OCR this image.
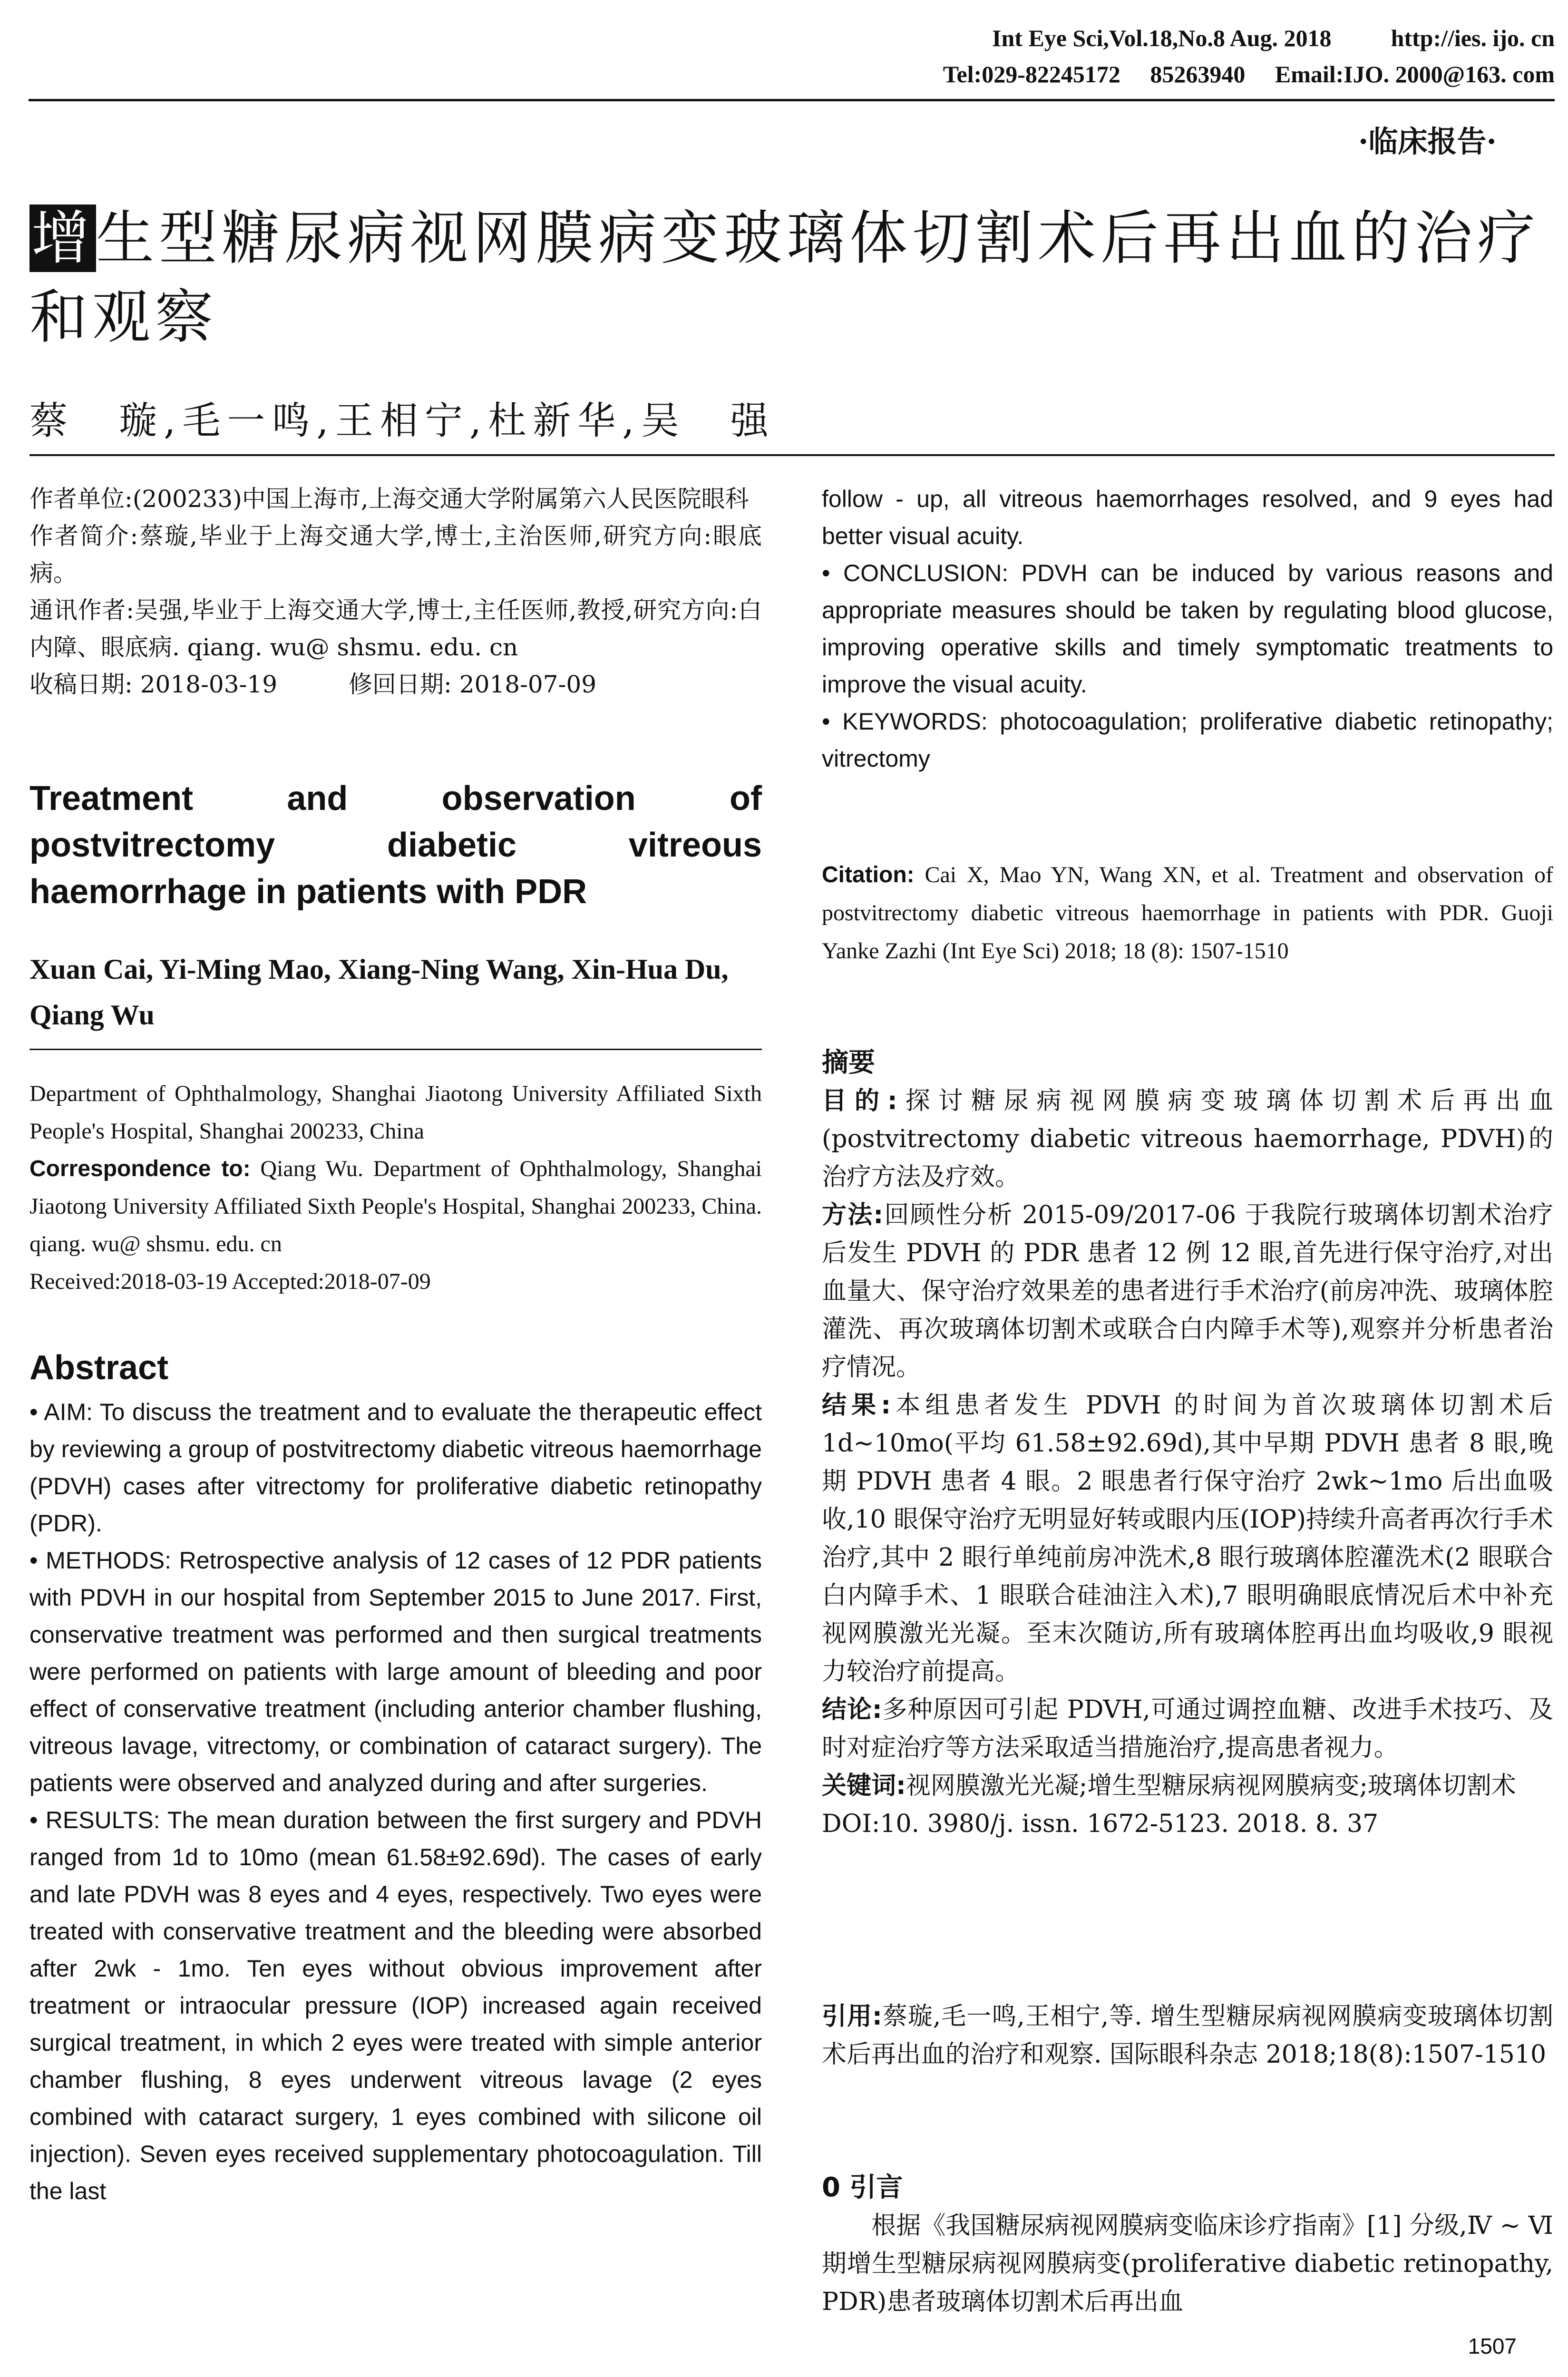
Int Eye Sci,Vol.18,No.8 Aug. 2018	http://ies. ijo. cn
Tel:029-82245172 85263940 Email:IJO. 2000@163. com
·临床报告·
增生型糖尿病视网膜病变玻璃体切割术后再出血的治疗和观察
蔡　璇,毛一鸣,王相宁,杜新华,吴　强

作者单位:(200233)中国上海市,上海交通大学附属第六人民医院眼科

作者简介:蔡璇,毕业于上海交通大学,博士,主治医师,研究方向:眼底病。

通讯作者:吴强,毕业于上海交通大学,博士,主任医师,教授,研究方向:白内障、眼底病. qiang. wu@ shsmu. edu. cn

收稿日期: 2018-03-19　　　	修回日期: 2018-07-09

Treatment and observation of postvitrectomy diabetic vitreous haemorrhage in patients with PDR
Xuan Cai, Yi-Ming Mao, Xiang-Ning Wang, Xin-Hua Du, Qiang Wu
Department of Ophthalmology, Shanghai Jiaotong University Affiliated Sixth People's Hospital, Shanghai 200233, China
Correspondence to: Qiang Wu. Department of Ophthalmology, Shanghai Jiaotong University Affiliated Sixth People's Hospital, Shanghai 200233, China. qiang. wu@ shsmu. edu. cn
Received:2018-03-19 Accepted:2018-07-09
Abstract

• AIM: To discuss the treatment and to evaluate the therapeutic effect by reviewing a group of postvitrectomy diabetic vitreous haemorrhage (PDVH) cases after vitrectomy for proliferative diabetic retinopathy (PDR).

• METHODS: Retrospective analysis of 12 cases of 12 PDR patients with PDVH in our hospital from September 2015 to June 2017. First, conservative treatment was performed and then surgical treatments were performed on patients with large amount of bleeding and poor effect of conservative treatment (including anterior chamber flushing, vitreous lavage, vitrectomy, or combination of cataract surgery). The patients were observed and analyzed during and after surgeries.

• RESULTS: The mean duration between the first surgery and PDVH ranged from 1d to 10mo (mean 61.58±92.69d). The cases of early and late PDVH was 8 eyes and 4 eyes, respectively. Two eyes were treated with conservative treatment and the bleeding were absorbed after 2wk - 1mo. Ten eyes without obvious improvement after treatment or intraocular pressure (IOP) increased again received surgical treatment, in which 2 eyes were treated with simple anterior chamber flushing, 8 eyes underwent vitreous lavage (2 eyes combined with cataract surgery, 1 eyes combined with silicone oil injection). Seven eyes received supplementary photocoagulation. Till the last

follow - up, all vitreous haemorrhages resolved, and 9 eyes had better visual acuity.

• CONCLUSION: PDVH can be induced by various reasons and appropriate measures should be taken by regulating blood glucose, improving operative skills and timely symptomatic treatments to improve the visual acuity.

• KEYWORDS: photocoagulation; proliferative diabetic retinopathy; vitrectomy

Citation: Cai X, Mao YN, Wang XN, et al. Treatment and observation of postvitrectomy diabetic vitreous haemorrhage in patients with PDR. Guoji Yanke Zazhi (Int Eye Sci) 2018; 18 (8): 1507-1510

摘要

目的:探讨糖尿病视网膜病变玻璃体切割术后再出血(postvitrectomy diabetic vitreous haemorrhage, PDVH)的治疗方法及疗效。

方法:回顾性分析 2015-09/2017-06 于我院行玻璃体切割术治疗后发生 PDVH 的 PDR 患者 12 例 12 眼,首先进行保守治疗,对出血量大、保守治疗效果差的患者进行手术治疗(前房冲洗、玻璃体腔灌洗、再次玻璃体切割术或联合白内障手术等),观察并分析患者治疗情况。

结果:本组患者发生 PDVH 的时间为首次玻璃体切割术后 1d~10mo(平均 61.58±92.69d),其中早期 PDVH 患者 8 眼,晚期 PDVH 患者 4 眼。2 眼患者行保守治疗 2wk~1mo 后出血吸收,10 眼保守治疗无明显好转或眼内压(IOP)持续升高者再次行手术治疗,其中 2 眼行单纯前房冲洗术,8 眼行玻璃体腔灌洗术(2 眼联合白内障手术、1 眼联合硅油注入术),7 眼明确眼底情况后术中补充视网膜激光光凝。至末次随访,所有玻璃体腔再出血均吸收,9 眼视力较治疗前提高。

结论:多种原因可引起 PDVH,可通过调控血糖、改进手术技巧、及时对症治疗等方法采取适当措施治疗,提高患者视力。

关键词:视网膜激光光凝;增生型糖尿病视网膜病变;玻璃体切割术

DOI:10. 3980/j. issn. 1672-5123. 2018. 8. 37

引用:蔡璇,毛一鸣,王相宁,等. 增生型糖尿病视网膜病变玻璃体切割术后再出血的治疗和观察. 国际眼科杂志 2018;18(8):1507-1510

0 引言

　　根据《我国糖尿病视网膜病变临床诊疗指南》[1] 分级,Ⅳ ~ Ⅵ 期增生型糖尿病视网膜病变(proliferative diabetic retinopathy, PDR)患者玻璃体切割术后再出血

1507
